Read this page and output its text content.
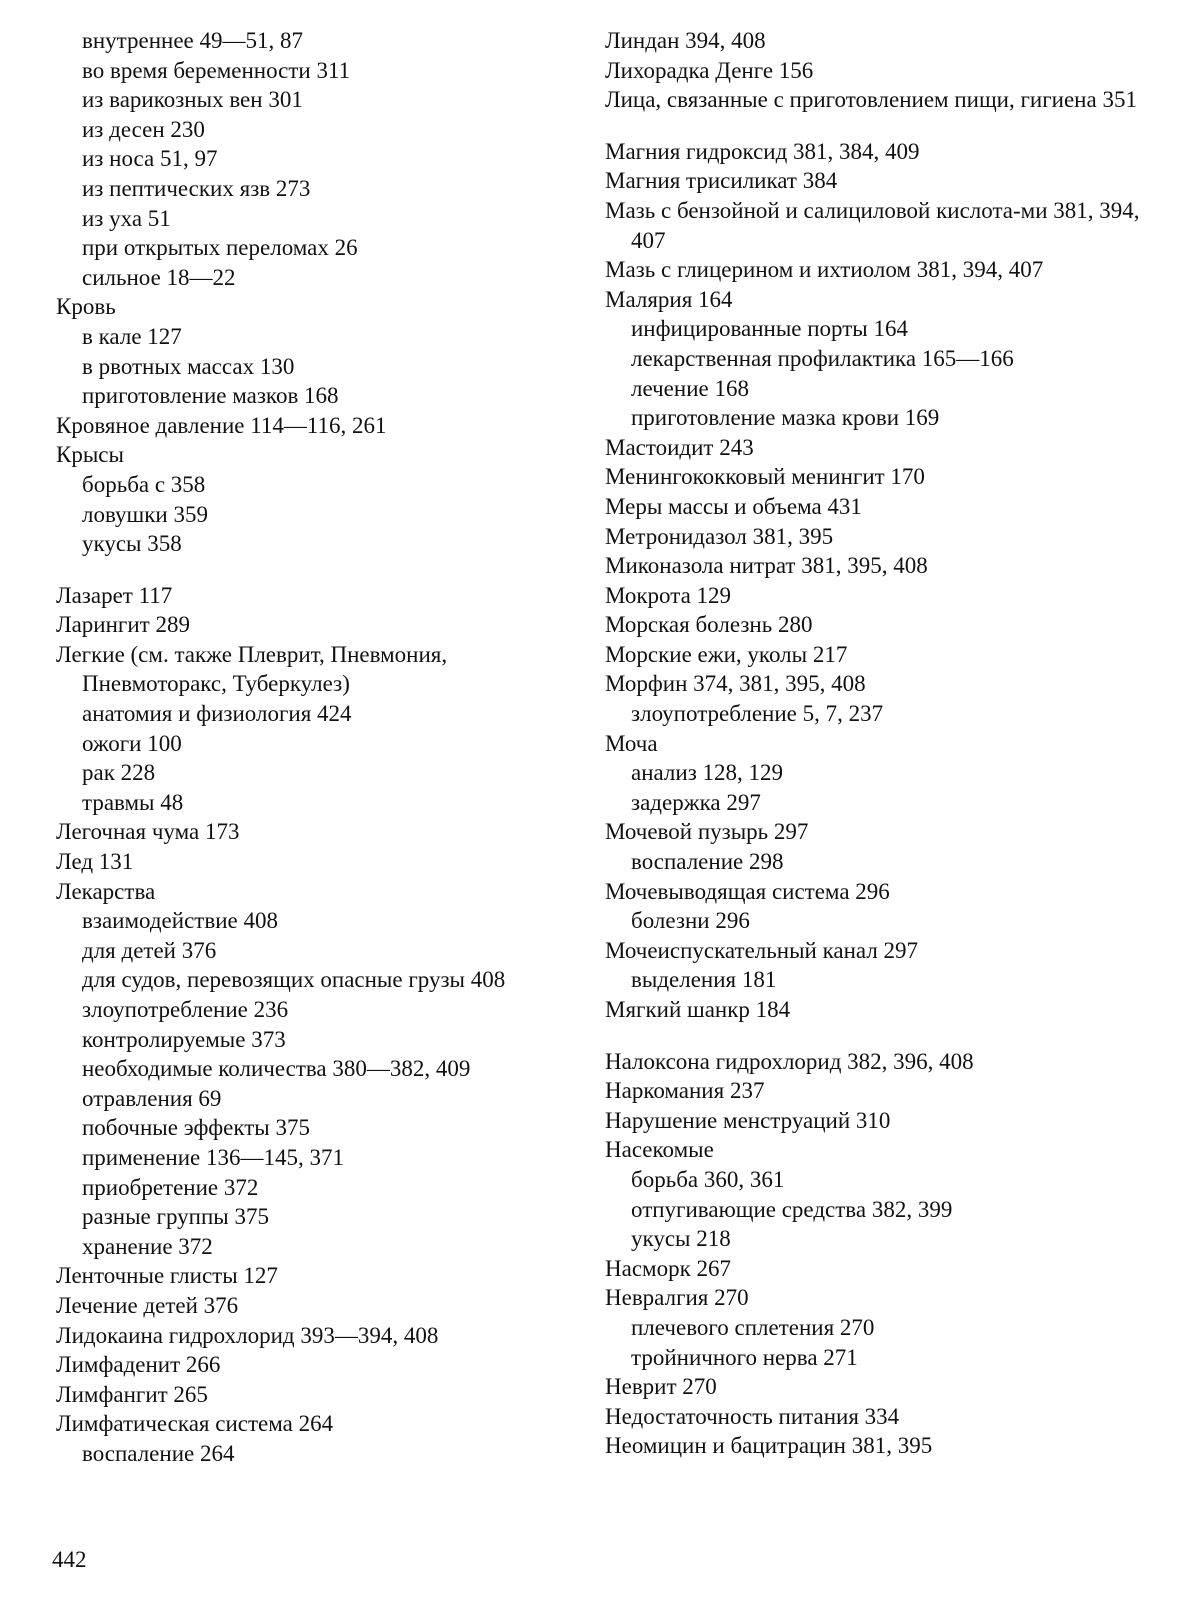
внутреннее 49—51, 87
во время беременности 311
из варикозных вен 301
из десен 230
из носа 51, 97
из пептических язв 273
из уха 51
при открытых переломах 26
сильное 18—22
Кровь
в кале 127
в рвотных массах 130
приготовление мазков 168
Кровяное давление 114—116, 261
Крысы
борьба с 358
ловушки 359
укусы 358
Лазарет 117
Ларингит 289
Легкие (см. также Плеврит, Пневмония, Пневмоторакс, Туберкулез)
анатомия и физиология 424
ожоги 100
рак 228
травмы 48
Легочная чума 173
Лед 131
Лекарства
взаимодействие 408
для детей 376
для судов, перевозящих опасные грузы 408
злоупотребление 236
контролируемые 373
необходимые количества 380—382, 409
отравления 69
побочные эффекты 375
применение 136—145, 371
приобретение 372
разные группы 375
хранение 372
Ленточные глисты 127
Лечение детей 376
Лидокаина гидрохлорид 393—394, 408
Лимфаденит 266
Лимфангит 265
Лимфатическая система 264
воспаление 264
Линдан 394, 408
Лихорадка Денге 156
Лица, связанные с приготовлением пищи, гигиена 351
Магния гидроксид 381, 384, 409
Магния трисиликат 384
Мазь с бензойной и салициловой кислота-ми 381, 394, 407
Мазь с глицерином и ихтиолом 381, 394, 407
Малярия 164
инфицированные порты 164
лекарственная профилактика 165—166
лечение 168
приготовление мазка крови 169
Мастоидит 243
Менингококковый менингит 170
Меры массы и объема 431
Метронидазол 381, 395
Миконазола нитрат 381, 395, 408
Мокрота 129
Морская болезнь 280
Морские ежи, уколы 217
Морфин 374, 381, 395, 408
злоупотребление 5, 7, 237
Моча
анализ 128, 129
задержка 297
Мочевой пузырь 297
воспаление 298
Мочевыводящая система 296
болезни 296
Мочеиспускательный канал 297
выделения 181
Мягкий шанкр 184
Налоксона гидрохлорид 382, 396, 408
Наркомания 237
Нарушение менструаций 310
Насекомые
борьба 360, 361
отпугивающие средства 382, 399
укусы 218
Насморк 267
Невралгия 270
плечевого сплетения 270
тройничного нерва 271
Неврит 270
Недостаточность питания 334
Неомицин и бацитрацин 381, 395
442
